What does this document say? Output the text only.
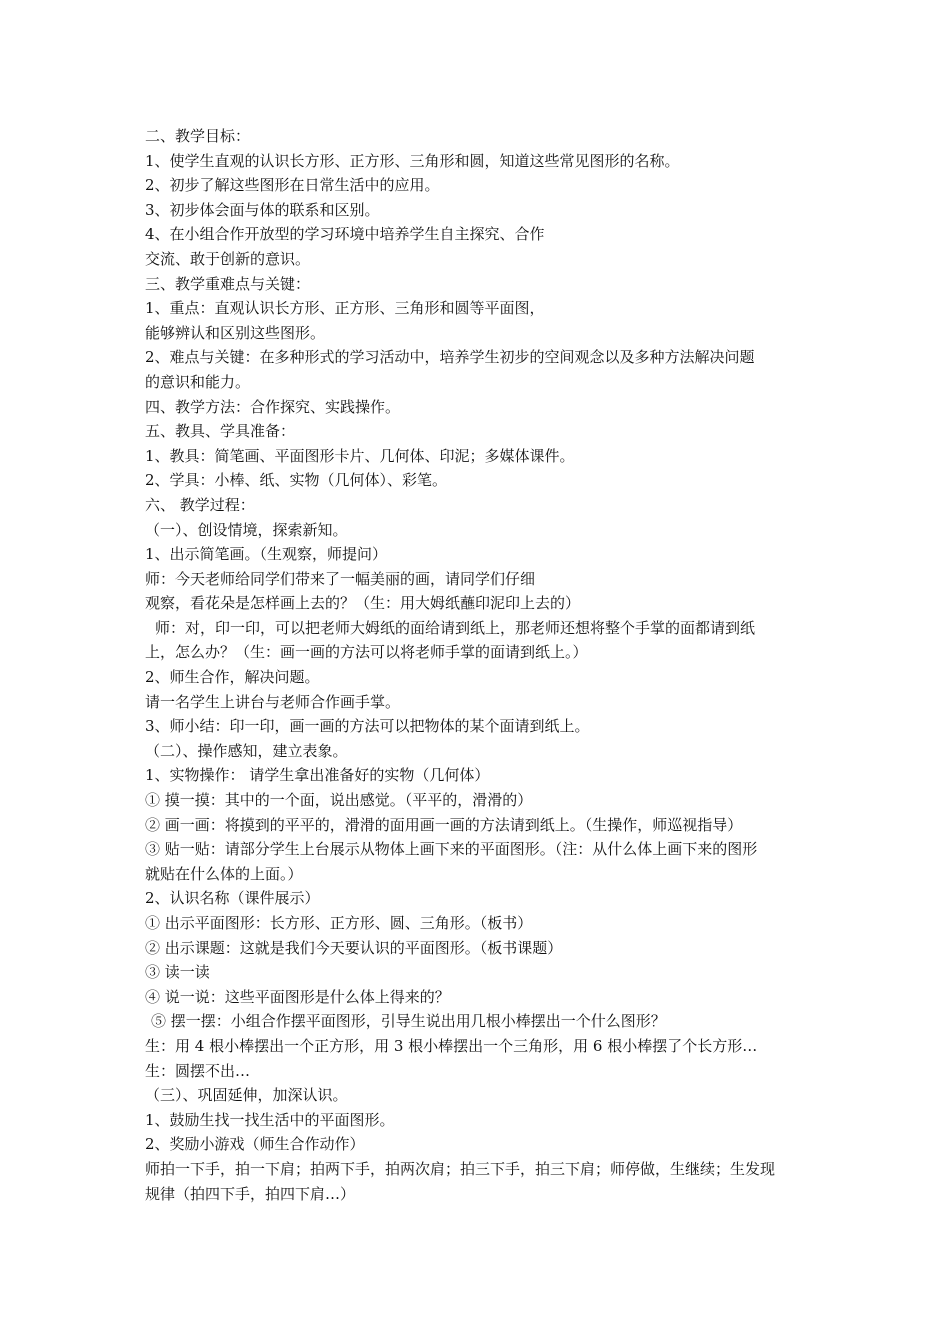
二、教学目标：
1、使学生直观的认识长方形、正方形、三角形和圆，知道这些常见图形的名称。
2、初步了解这些图形在日常生活中的应用。
3、初步体会面与体的联系和区别。
4、在小组合作开放型的学习环境中培养学生自主探究、合作
交流、敢于创新的意识。
三、教学重难点与关键：
1、重点：直观认识长方形、正方形、三角形和圆等平面图，
能够辨认和区别这些图形。
2、难点与关键：在多种形式的学习活动中，培养学生初步的空间观念以及多种方法解决问题
的意识和能力。
四、教学方法：合作探究、实践操作。
五、教具、学具准备：
1、教具：简笔画、平面图形卡片、几何体、印泥；多媒体课件。
2、学具：小棒、纸、实物（几何体）、彩笔。
六、 教学过程：
（一）、创设情境，探索新知。
1、出示简笔画。（生观察，师提问）
师：今天老师给同学们带来了一幅美丽的画，请同学们仔细
观察，看花朵是怎样画上去的？（生：用大姆纸蘸印泥印上去的）
师：对，印一印，可以把老师大姆纸的面给请到纸上，那老师还想将整个手掌的面都请到纸
上，怎么办？（生：画一画的方法可以将老师手掌的面请到纸上。）
2、师生合作，解决问题。
请一名学生上讲台与老师合作画手掌。
3、师小结：印一印，画一画的方法可以把物体的某个面请到纸上。
（二）、操作感知，建立表象。
1、实物操作： 请学生拿出准备好的实物（几何体）
① 摸一摸：其中的一个面，说出感觉。（平平的，滑滑的）
② 画一画：将摸到的平平的，滑滑的面用画一画的方法请到纸上。（生操作，师巡视指导）
③ 贴一贴：请部分学生上台展示从物体上画下来的平面图形。（注：从什么体上画下来的图形
就贴在什么体的上面。）
2、认识名称（课件展示）
① 出示平面图形：长方形、正方形、圆、三角形。（板书）
② 出示课题：这就是我们今天要认识的平面图形。（板书课题）
③ 读一读
④ 说一说：这些平面图形是什么体上得来的？
⑤ 摆一摆：小组合作摆平面图形，引导生说出用几根小棒摆出一个什么图形？
生：用 4 根小棒摆出一个正方形，用 3 根小棒摆出一个三角形，用 6 根小棒摆了个长方形…
生：圆摆不出…
（三）、巩固延伸，加深认识。
1、鼓励生找一找生活中的平面图形。
2、奖励小游戏（师生合作动作）
师拍一下手，拍一下肩；拍两下手，拍两次肩；拍三下手，拍三下肩；师停做，生继续；生发现
规律（拍四下手，拍四下肩…）
